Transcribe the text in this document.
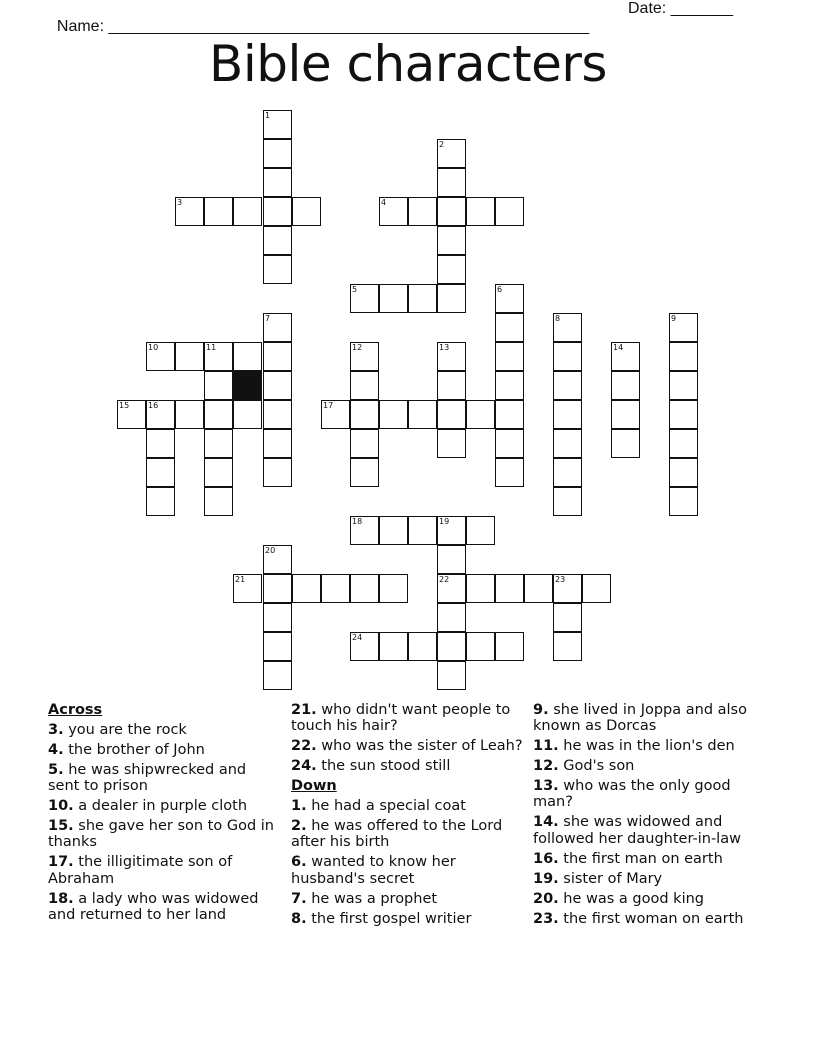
Name: ______________________________________________________

Date: _______

Bible characters
1
3
2
4
5	6
7
10	11
15 16
8	9
12	13	14
17
18	19
22	23
20
21
24
Across
3. you are the rock
4. the brother of John
5. he was shipwrecked and sent to prison
10. a dealer in purple cloth
15. she gave her son to God in thanks
17. the illigitimate son of Abraham
18. a lady who was widowed and returned to her land
21. who didn't want people to touch his hair?
22. who was the sister of Leah?
24. the sun stood still
Down
1. he had a special coat
2. he was offered to the Lord after his birth
6. wanted to know her husband's secret
7. he was a prophet
8. the first gospel writier
9. she lived in Joppa and also known as Dorcas
11. he was in the lion's den
12. God's son
13. who was the only good man?
14. she was widowed and followed her daughter-in-law
16. the first man on earth
19. sister of Mary
20. he was a good king
23. the first woman on earth
